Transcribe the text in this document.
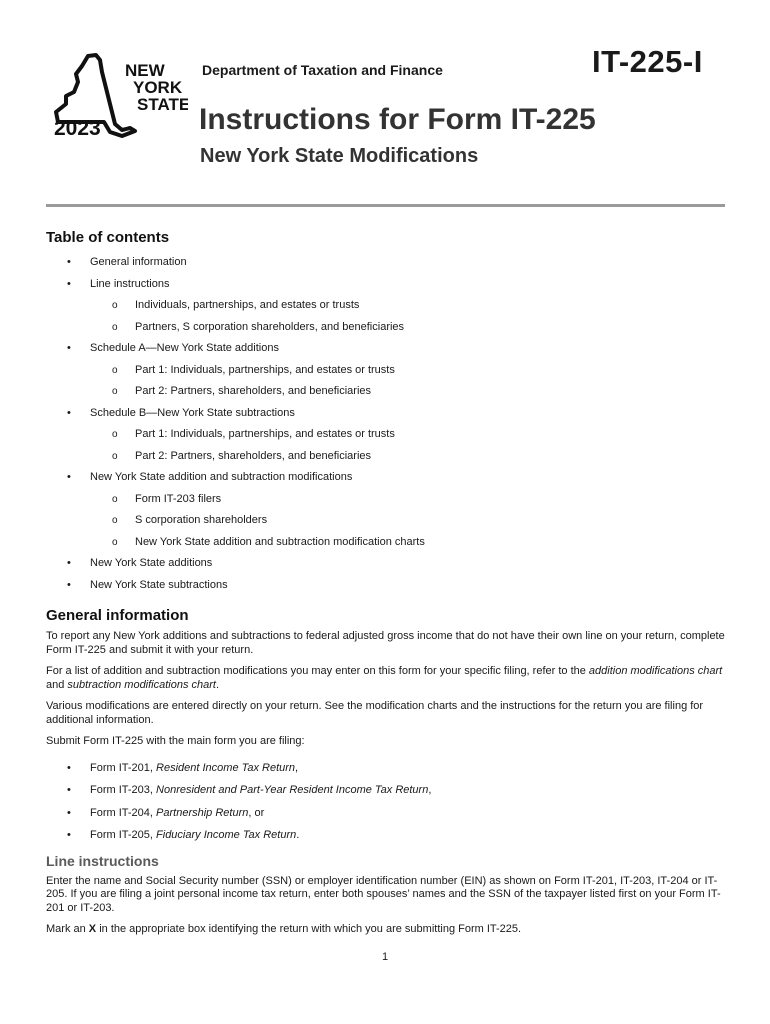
NEW
YORK
STATE
2023
Department of Taxation and Finance	IT-225-I
Instructions for Form IT-225
New York State Modifications
Table of contents
• General information
• Line instructions
o Individuals, partnerships, and estates or trusts
o Partners, S corporation shareholders, and beneficiaries
• Schedule A—New York State additions
o Part 1: Individuals, partnerships, and estates or trusts
o Part 2: Partners, shareholders, and beneficiaries
• Schedule B—New York State subtractions
o Part 1: Individuals, partnerships, and estates or trusts
o Part 2: Partners, shareholders, and beneficiaries
• New York State addition and subtraction modifications
o Form IT-203 filers
o S corporation shareholders
o New York State addition and subtraction modification charts
• New York State additions
• New York State subtractions
General information

To report any New York additions and subtractions to federal adjusted gross income that do not have their own line on your return, complete Form IT-225 and submit it with your return.

For a list of addition and subtraction modifications you may enter on this form for your specific filing, refer to the addition modifications chart and subtraction modifications chart.

Various modifications are entered directly on your return. See the modification charts and the instructions for the return you are filing for additional information.

Submit Form IT-225 with the main form you are filing:

• Form IT-201, Resident Income Tax Return,
• Form IT-203, Nonresident and Part-Year Resident Income Tax Return,
• Form IT-204, Partnership Return, or
• Form IT-205, Fiduciary Income Tax Return.
Line instructions

Enter the name and Social Security number (SSN) or employer identification number (EIN) as shown on Form IT-201, IT-203, IT-204 or IT-205. If you are filing a joint personal income tax return, enter both spouses’ names and the SSN of the taxpayer listed first on your Form IT-201 or IT-203.

Mark an X in the appropriate box identifying the return with which you are submitting Form IT-225.

1
